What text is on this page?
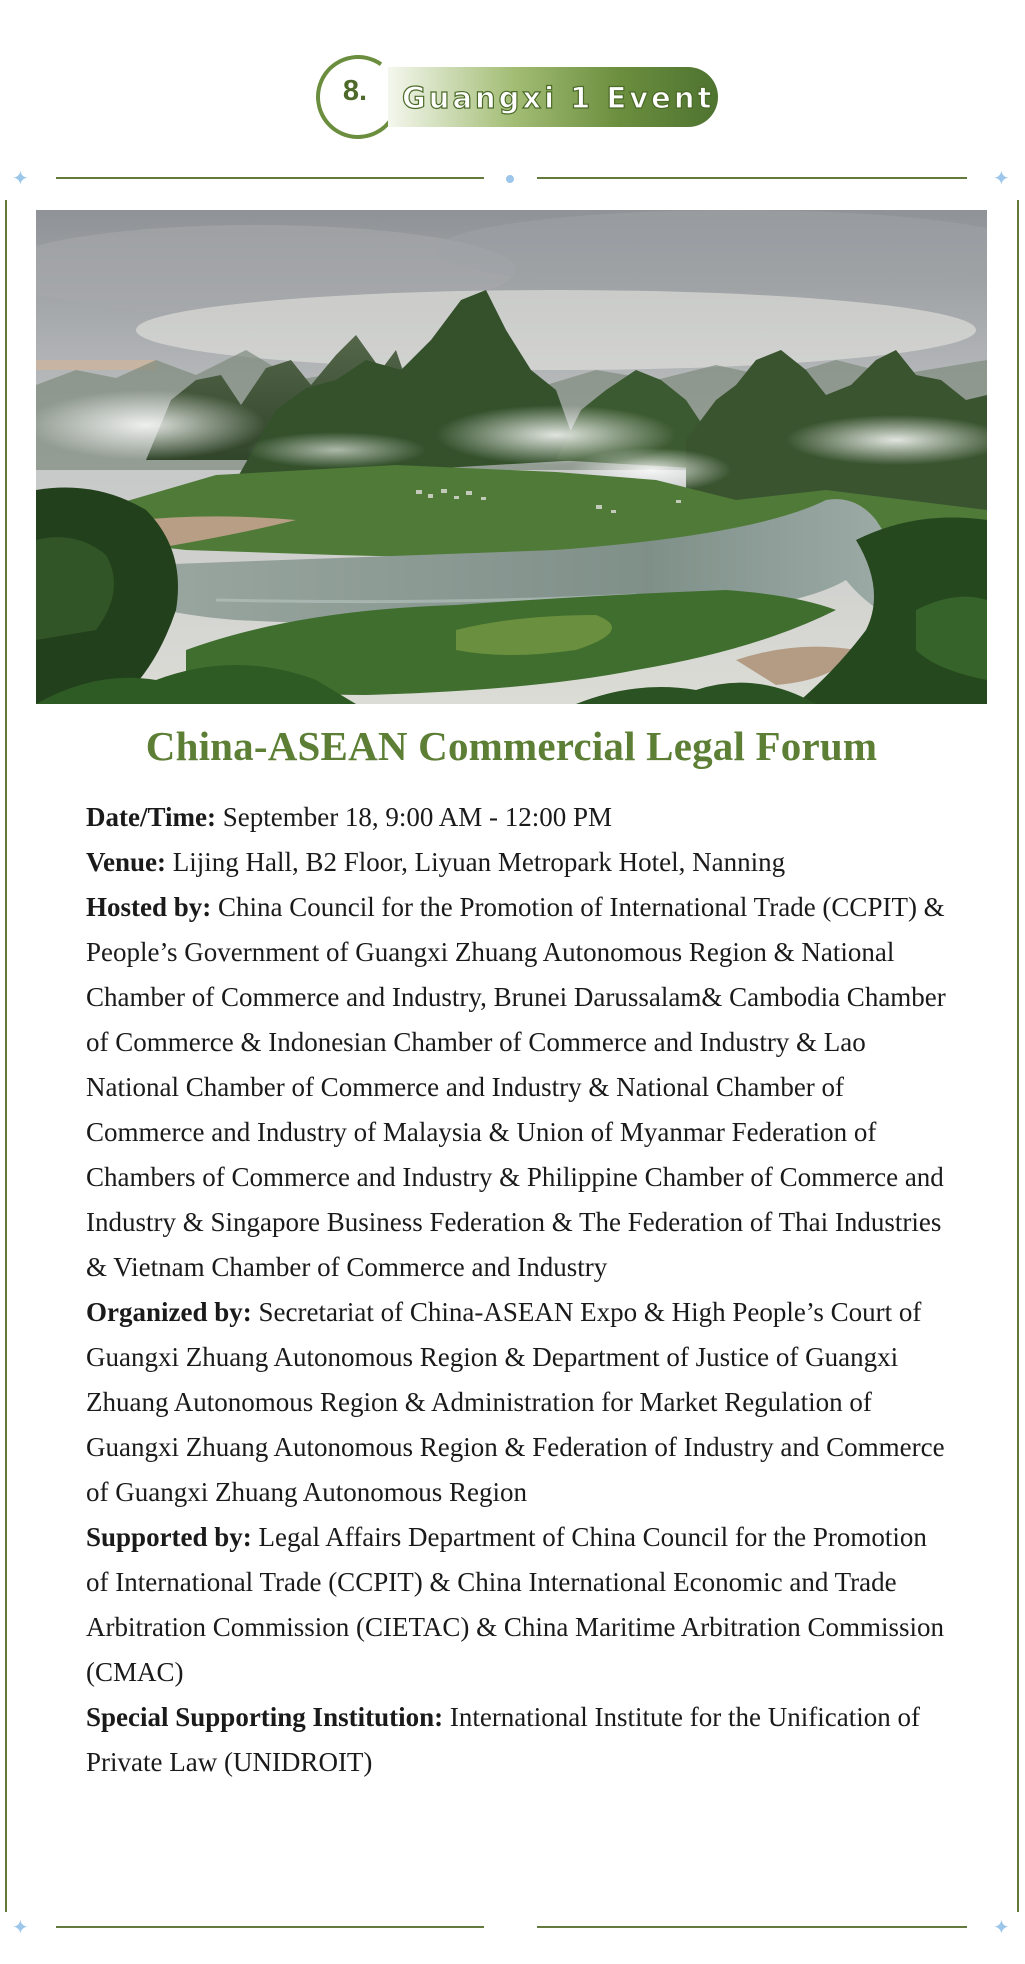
8.	Guangxi 1 Event
✦	✦
✦	✦
China-ASEAN Commercial Legal Forum

Date/Time: September 18, 9:00 AM - 12:00 PM

Venue: Lijing Hall, B2 Floor, Liyuan Metropark Hotel, Nanning

Hosted by: China Council for the Promotion of International Trade (CCPIT) & People’s Government of Guangxi Zhuang Autonomous Region & National Chamber of Commerce and Industry, Brunei Darussalam& Cambodia Chamber of Commerce & Indonesian Chamber of Commerce and Industry & Lao National Chamber of Commerce and Industry & National Chamber of Commerce and Industry of Malaysia & Union of Myanmar Federation of Chambers of Commerce and Industry & Philippine Chamber of Commerce and Industry & Singapore Business Federation & The Federation of Thai Industries & Vietnam Chamber of Commerce and Industry

Organized by: Secretariat of China-ASEAN Expo & High People’s Court of Guangxi Zhuang Autonomous Region & Department of Justice of Guangxi Zhuang Autonomous Region & Administration for Market Regulation of Guangxi Zhuang Autonomous Region & Federation of Industry and Commerce of Guangxi Zhuang Autonomous Region

Supported by: Legal Affairs Department of China Council for the Promotion of International Trade (CCPIT) & China International Economic and Trade Arbitration Commission (CIETAC) & China Maritime Arbitration Commission (CMAC)

Special Supporting Institution: International Institute for the Unification of Private Law (UNIDROIT)
